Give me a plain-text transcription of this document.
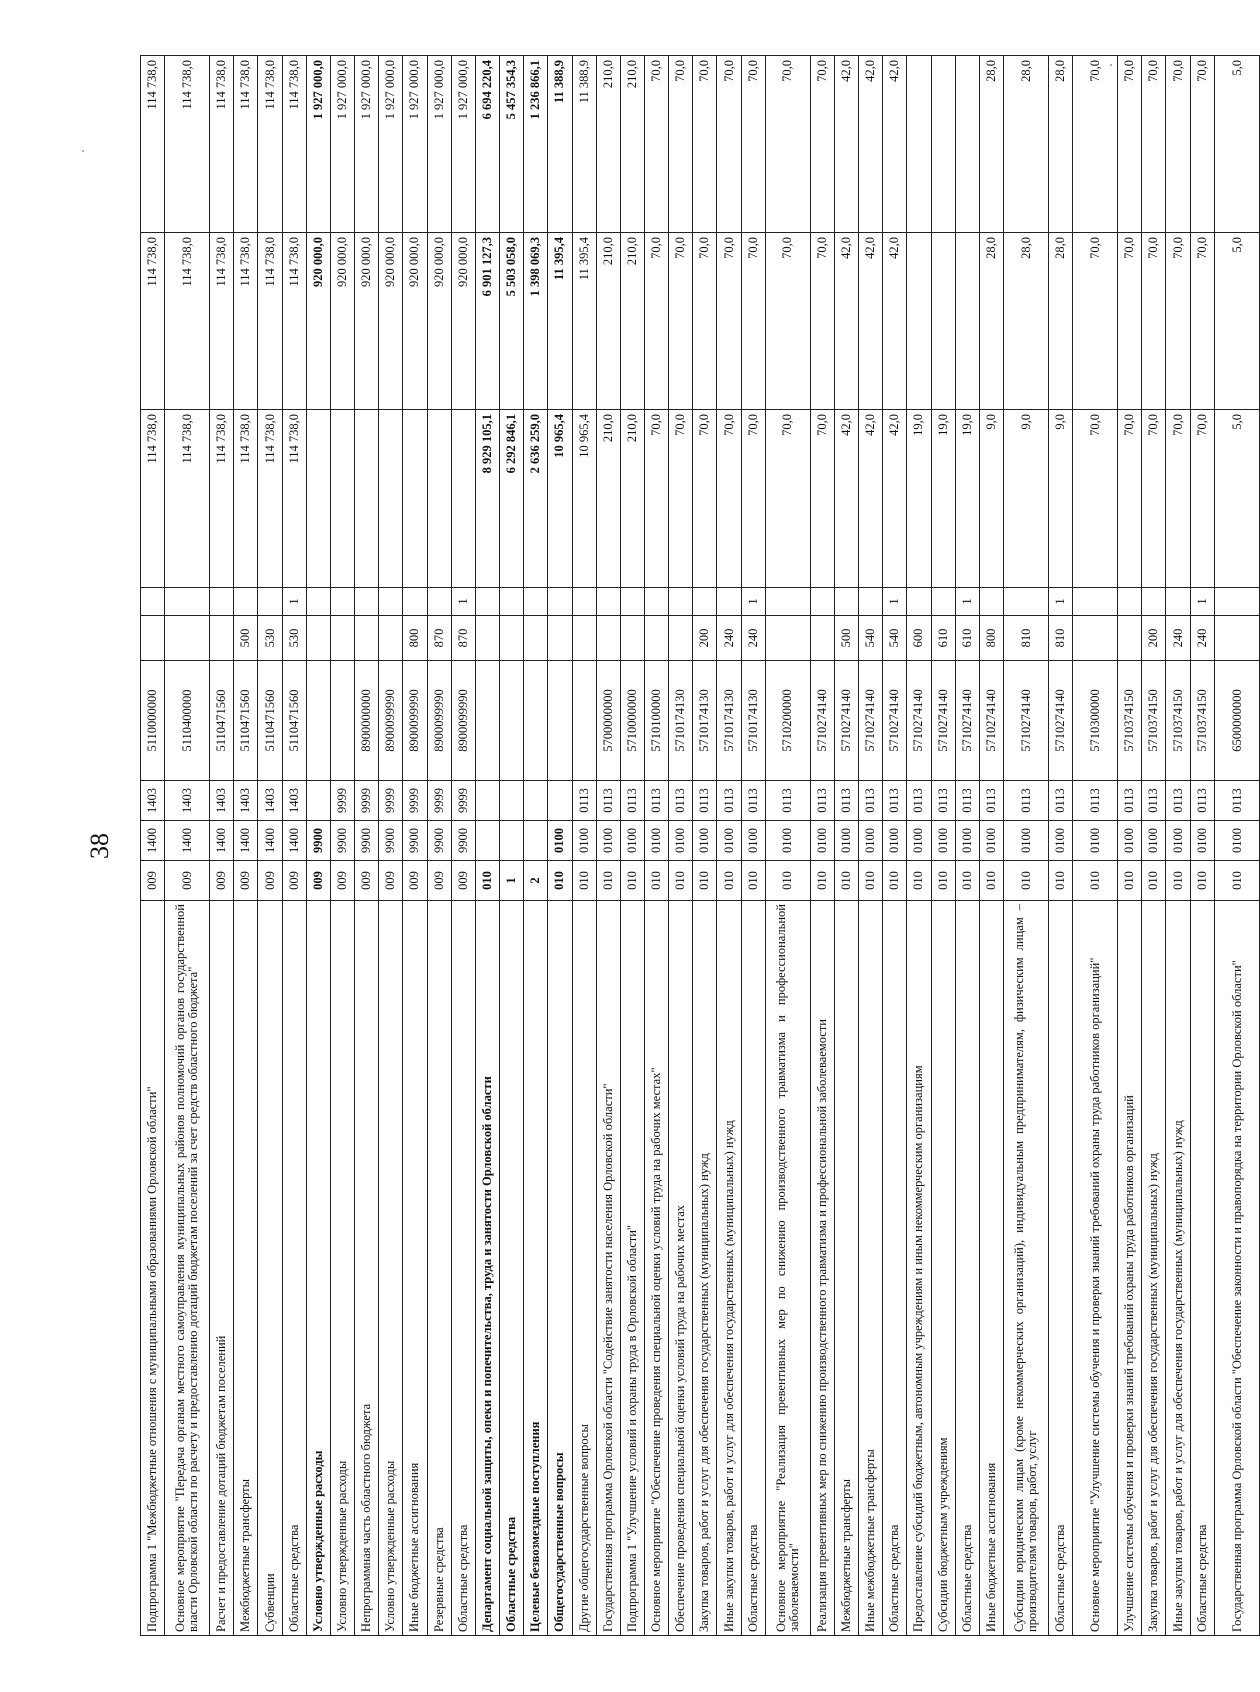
38
Подпрограмма 1 "Межбюджетные отношения с муниципальными образованиями Орловской области"	009	1400	1403	5110000000			114 738,0	114 738,0	114 738,0
Основное мероприятие "Передача органам местного самоуправления муниципальных районов полномочий органов государственной власти Орловской области по расчету и предоставлению дотаций бюджетам поселений за счет средств областного бюджета"	009	1400	1403	5110400000			114 738,0	114 738,0	114 738,0
Расчет и предоставление дотаций бюджетам поселений	009	1400	1403	5110471560			114 738,0	114 738,0	114 738,0
Межбюджетные трансферты	009	1400	1403	5110471560	500		114 738,0	114 738,0	114 738,0
Субвенции	009	1400	1403	5110471560	530		114 738,0	114 738,0	114 738,0
Областные средства	009	1400	1403	5110471560	530	1	114 738,0	114 738,0	114 738,0
Условно утвержденные расходы	009	9900						920 000,0	1 927 000,0
Условно утвержденные расходы	009	9900	9999					920 000,0	1 927 000,0
Непрограммная часть областного бюджета	009	9900	9999	8900000000				920 000,0	1 927 000,0
Условно утвержденные расходы	009	9900	9999	8900099990				920 000,0	1 927 000,0
Иные бюджетные ассигнования	009	9900	9999	8900099990	800			920 000,0	1 927 000,0
Резервные средства	009	9900	9999	8900099990	870			920 000,0	1 927 000,0
Областные средства	009	9900	9999	8900099990	870	1		920 000,0	1 927 000,0
Департамент социальной защиты, опеки и попечительства, труда и занятости Орловской области	010						8 929 105,1	6 901 127,3	6 694 220,4
Областные средства	1						6 292 846,1	5 503 058,0	5 457 354,3
Целевые безвозмездные поступления	2						2 636 259,0	1 398 069,3	1 236 866,1
Общегосударственные вопросы	010	0100					10 965,4	11 395,4	11 388,9
Другие общегосударственные вопросы	010	0100	0113				10 965,4	11 395,4	11 388,9
Государственная программа Орловской области "Содействие занятости населения Орловской области"	010	0100	0113	5700000000			210,0	210,0	210,0
Подпрограмма 1 "Улучшение условий и охраны труда в Орловской области"	010	0100	0113	5710000000			210,0	210,0	210,0
Основное мероприятие "Обеспечение проведения специальной оценки условий труда на рабочих местах"	010	0100	0113	5710100000			70,0	70,0	70,0
Обеспечение проведения специальной оценки условий труда на рабочих местах	010	0100	0113	5710174130			70,0	70,0	70,0
Закупка товаров, работ и услуг для обеспечения государственных (муниципальных) нужд	010	0100	0113	5710174130	200		70,0	70,0	70,0
Иные закупки товаров, работ и услуг для обеспечения государственных (муниципальных) нужд	010	0100	0113	5710174130	240		70,0	70,0	70,0
Областные средства	010	0100	0113	5710174130	240	1	70,0	70,0	70,0
Основное мероприятие "Реализация превентивных мер по снижению производственного травматизма и профессиональной заболеваемости"	010	0100	0113	5710200000			70,0	70,0	70,0
Реализация превентивных мер по снижению производственного травматизма и профессиональной заболеваемости	010	0100	0113	5710274140			70,0	70,0	70,0
Межбюджетные трансферты	010	0100	0113	5710274140	500		42,0	42,0	42,0
Иные межбюджетные трансферты	010	0100	0113	5710274140	540		42,0	42,0	42,0
Областные средства	010	0100	0113	5710274140	540	1	42,0	42,0	42,0
Предоставление субсидий бюджетным, автономным учреждениям и иным некоммерческим организациям	010	0100	0113	5710274140	600		19,0		
Субсидии бюджетным учреждениям	010	0100	0113	5710274140	610		19,0		
Областные средства	010	0100	0113	5710274140	610	1	19,0		
Иные бюджетные ассигнования	010	0100	0113	5710274140	800		9,0	28,0	28,0
Субсидии юридическим лицам (кроме некоммерческих организаций), индивидуальным предпринимателям, физическим лицам – производителям товаров, работ, услуг	010	0100	0113	5710274140	810		9,0	28,0	28,0
Областные средства	010	0100	0113	5710274140	810	1	9,0	28,0	28,0
Основное мероприятие "Улучшение системы обучения и проверки знаний требований охраны труда работников организаций"	010	0100	0113	5710300000			70,0	70,0	70,0
Улучшение системы обучения и проверки знаний требований охраны труда работников организаций	010	0100	0113	5710374150			70,0	70,0	70,0
Закупка товаров, работ и услуг для обеспечения государственных (муниципальных) нужд	010	0100	0113	5710374150	200		70,0	70,0	70,0
Иные закупки товаров, работ и услуг для обеспечения государственных (муниципальных) нужд	010	0100	0113	5710374150	240		70,0	70,0	70,0
Областные средства	010	0100	0113	5710374150	240	1	70,0	70,0	70,0
Государственная программа Орловской области "Обеспечение законности и правопорядка на территории Орловской области"	010	0100	0113	6500000000			5,0	5,0	5,0
